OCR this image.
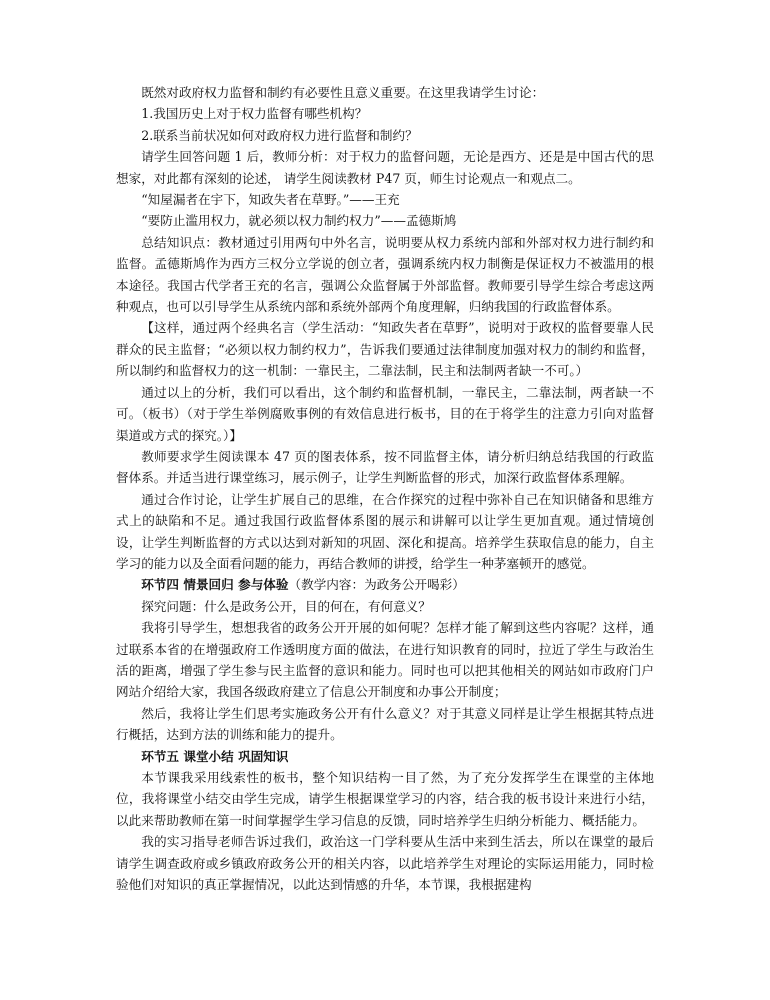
既然对政府权力监督和制约有必要性且意义重要。在这里我请学生讨论：

1.我国历史上对于权力监督有哪些机构？

2.联系当前状况如何对政府权力进行监督和制约？

请学生回答问题 1 后，教师分析：对于权力的监督问题，无论是西方、还是是中国古代的思想家，对此都有深刻的论述， 请学生阅读教材 P47 页，师生讨论观点一和观点二。

“知屋漏者在宇下，知政失者在草野。”——王充

“要防止滥用权力，就必须以权力制约权力”——孟德斯鸠

总结知识点：教材通过引用两句中外名言，说明要从权力系统内部和外部对权力进行制约和监督。孟德斯鸠作为西方三权分立学说的创立者，强调系统内权力制衡是保证权力不被滥用的根本途径。我国古代学者王充的名言，强调公众监督属于外部监督。教师要引导学生综合考虑这两种观点，也可以引导学生从系统内部和系统外部两个角度理解，归纳我国的行政监督体系。

【这样，通过两个经典名言（学生活动：“知政失者在草野”，说明对于政权的监督要靠人民群众的民主监督；“必须以权力制约权力”，告诉我们要通过法律制度加强对权力的制约和监督，所以制约和监督权力的这一机制：一靠民主，二靠法制，民主和法制两者缺一不可。）

通过以上的分析，我们可以看出，这个制约和监督机制，一靠民主，二靠法制，两者缺一不可。（板书）（对于学生举例腐败事例的有效信息进行板书，目的在于将学生的注意力引向对监督渠道或方式的探究。）】

教师要求学生阅读课本 47 页的图表体系，按不同监督主体，请分析归纳总结我国的行政监督体系。并适当进行课堂练习，展示例子，让学生判断监督的形式，加深行政监督体系理解。

通过合作讨论，让学生扩展自己的思维，在合作探究的过程中弥补自己在知识储备和思维方式上的缺陷和不足。通过我国行政监督体系图的展示和讲解可以让学生更加直观。通过情境创设，让学生判断监督的方式以达到对新知的巩固、深化和提高。培养学生获取信息的能力，自主学习的能力以及全面看问题的能力，再结合教师的讲授，给学生一种茅塞顿开的感觉。

环节四 情景回归 参与体验（教学内容：为政务公开喝彩）

探究问题：什么是政务公开，目的何在，有何意义？

我将引导学生，想想我省的政务公开开展的如何呢？怎样才能了解到这些内容呢？这样，通过联系本省的在增强政府工作透明度方面的做法，在进行知识教育的同时，拉近了学生与政治生活的距离，增强了学生参与民主监督的意识和能力。同时也可以把其他相关的网站如市政府门户网站介绍给大家，我国各级政府建立了信息公开制度和办事公开制度；

然后，我将让学生们思考实施政务公开有什么意义？对于其意义同样是让学生根据其特点进行概括，达到方法的训练和能力的提升。

环节五 课堂小结 巩固知识

本节课我采用线索性的板书，整个知识结构一目了然，为了充分发挥学生在课堂的主体地位，我将课堂小结交由学生完成，请学生根据课堂学习的内容，结合我的板书设计来进行小结，以此来帮助教师在第一时间掌握学生学习信息的反馈，同时培养学生归纳分析能力、概括能力。

我的实习指导老师告诉过我们，政治这一门学科要从生活中来到生活去，所以在课堂的最后请学生调查政府或乡镇政府政务公开的相关内容，以此培养学生对理论的实际运用能力，同时检验他们对知识的真正掌握情况，以此达到情感的升华，本节课，我根据建构
